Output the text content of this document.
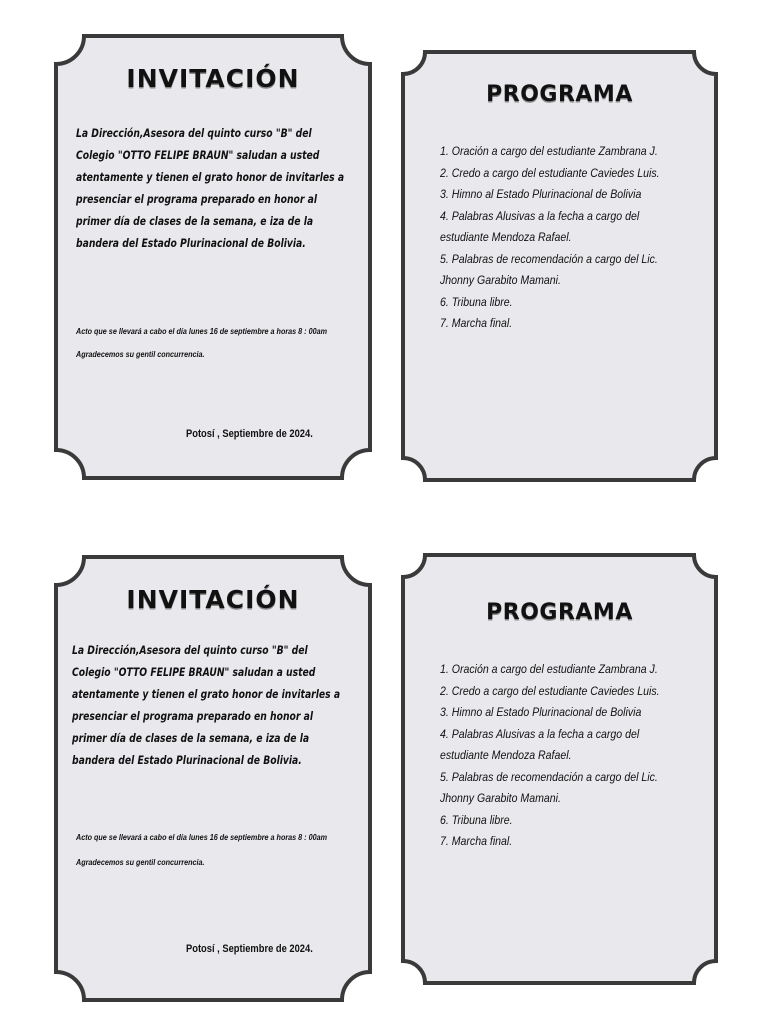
INVITACIÓN
La Dirección,Asesora del quinto curso "B" del
Colegio "OTTO FELIPE BRAUN" saludan a usted
atentamente y tienen el grato honor de invitarles a
presenciar el programa preparado en honor al
primer día de clases de la semana, e iza de la
bandera del Estado Plurinacional de Bolivia.
Acto que se llevará a cabo el día lunes 16 de septiembre a horas 8 : 00am
Agradecemos su gentil concurrencia.
Potosí , Septiembre de 2024.
PROGRAMA
1. Oración a cargo del estudiante Zambrana J.
2. Credo a cargo del estudiante Caviedes Luis.
3. Himno al Estado Plurinacional de Bolivia
4. Palabras Alusivas a la fecha a cargo del
estudiante Mendoza Rafael.
5. Palabras de recomendación a cargo del Lic.
Jhonny Garabito Mamani.
6. Tribuna libre.
7. Marcha final.
INVITACIÓN
La Dirección,Asesora del quinto curso "B" del
Colegio "OTTO FELIPE BRAUN" saludan a usted
atentamente y tienen el grato honor de invitarles a
presenciar el programa preparado en honor al
primer día de clases de la semana, e iza de la
bandera del Estado Plurinacional de Bolivia.
Acto que se llevará a cabo el día lunes 16 de septiembre a horas 8 : 00am
Agradecemos su gentil concurrencia.
Potosí , Septiembre de 2024.
PROGRAMA
1. Oración a cargo del estudiante Zambrana J.
2. Credo a cargo del estudiante Caviedes Luis.
3. Himno al Estado Plurinacional de Bolivia
4. Palabras Alusivas a la fecha a cargo del
estudiante Mendoza Rafael.
5. Palabras de recomendación a cargo del Lic.
Jhonny Garabito Mamani.
6. Tribuna libre.
7. Marcha final.
